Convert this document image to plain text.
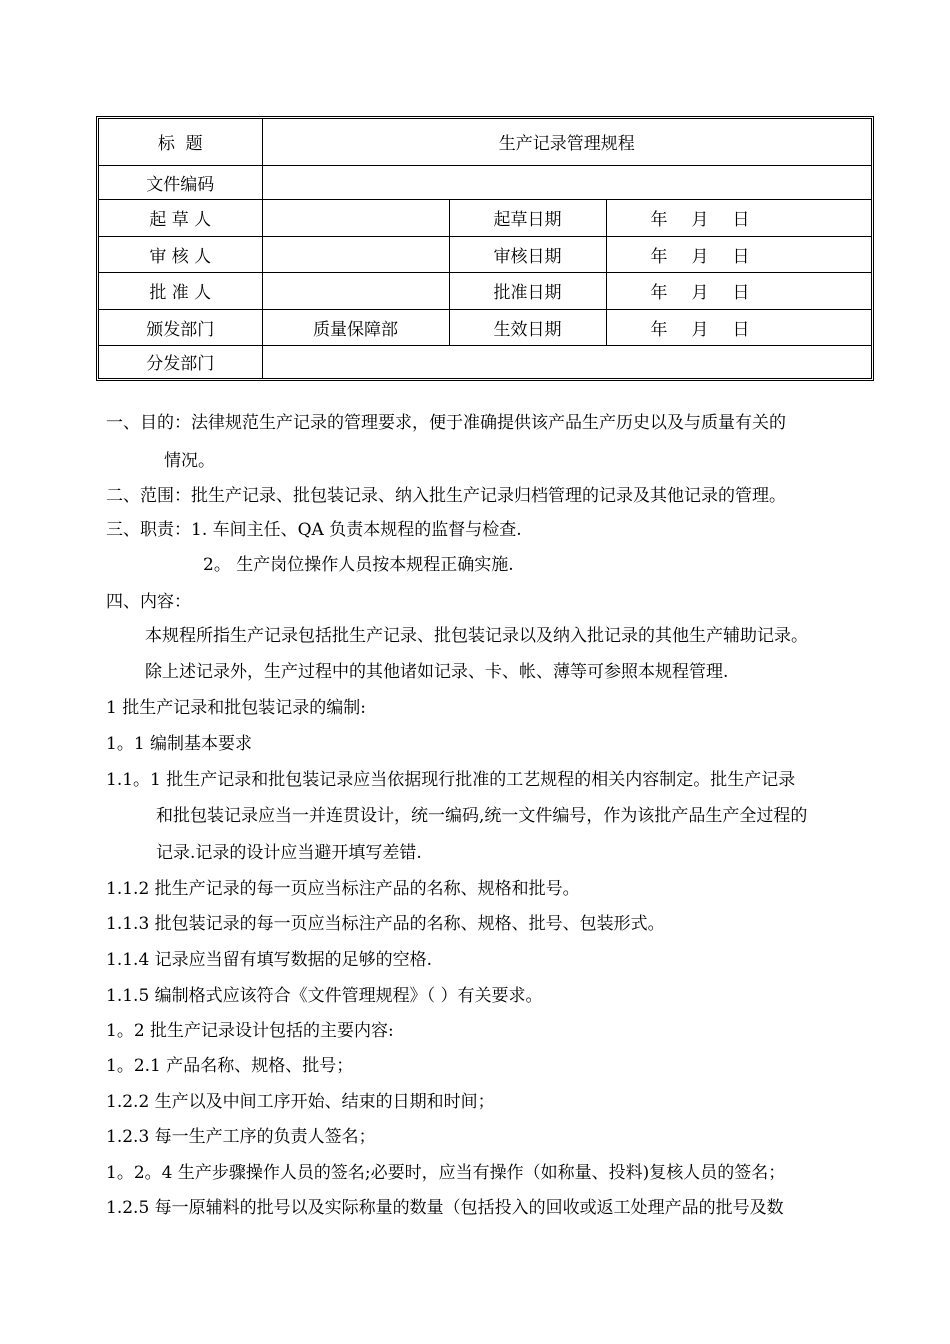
标  题	生产记录管理规程		
文件编码			
起 草 人		起草日期	年 月 日
审 核 人		审核日期	年 月 日
批 准 人		批准日期	年 月 日
颁发部门	质量保障部	生效日期	年 月 日
分发部门			
一、目的：法律规范生产记录的管理要求，便于准确提供该产品生产历史以及与质量有关的
情况。
二、范围：批生产记录、批包装记录、纳入批生产记录归档管理的记录及其他记录的管理。
三、职责：1. 车间主任、QA 负责本规程的监督与检查.
2。 生产岗位操作人员按本规程正确实施.
四、内容：
本规程所指生产记录包括批生产记录、批包装记录以及纳入批记录的其他生产辅助记录。
除上述记录外，生产过程中的其他诸如记录、卡、帐、薄等可参照本规程管理.
1 批生产记录和批包装记录的编制:
1。1 编制基本要求
1.1。1 批生产记录和批包装记录应当依据现行批准的工艺规程的相关内容制定。批生产记录
和批包装记录应当一并连贯设计，统一编码,统一文件编号，作为该批产品生产全过程的
记录.记录的设计应当避开填写差错.
1.1.2 批生产记录的每一页应当标注产品的名称、规格和批号。
1.1.3 批包装记录的每一页应当标注产品的名称、规格、批号、包装形式。
1.1.4 记录应当留有填写数据的足够的空格.
1.1.5 编制格式应该符合《文件管理规程》（ ）有关要求。
1。2 批生产记录设计包括的主要内容:
1。2.1 产品名称、规格、批号；
1.2.2 生产以及中间工序开始、结束的日期和时间；
1.2.3 每一生产工序的负责人签名；
1。2。4 生产步骤操作人员的签名;必要时，应当有操作（如称量、投料)复核人员的签名；
1.2.5 每一原辅料的批号以及实际称量的数量（包括投入的回收或返工处理产品的批号及数
